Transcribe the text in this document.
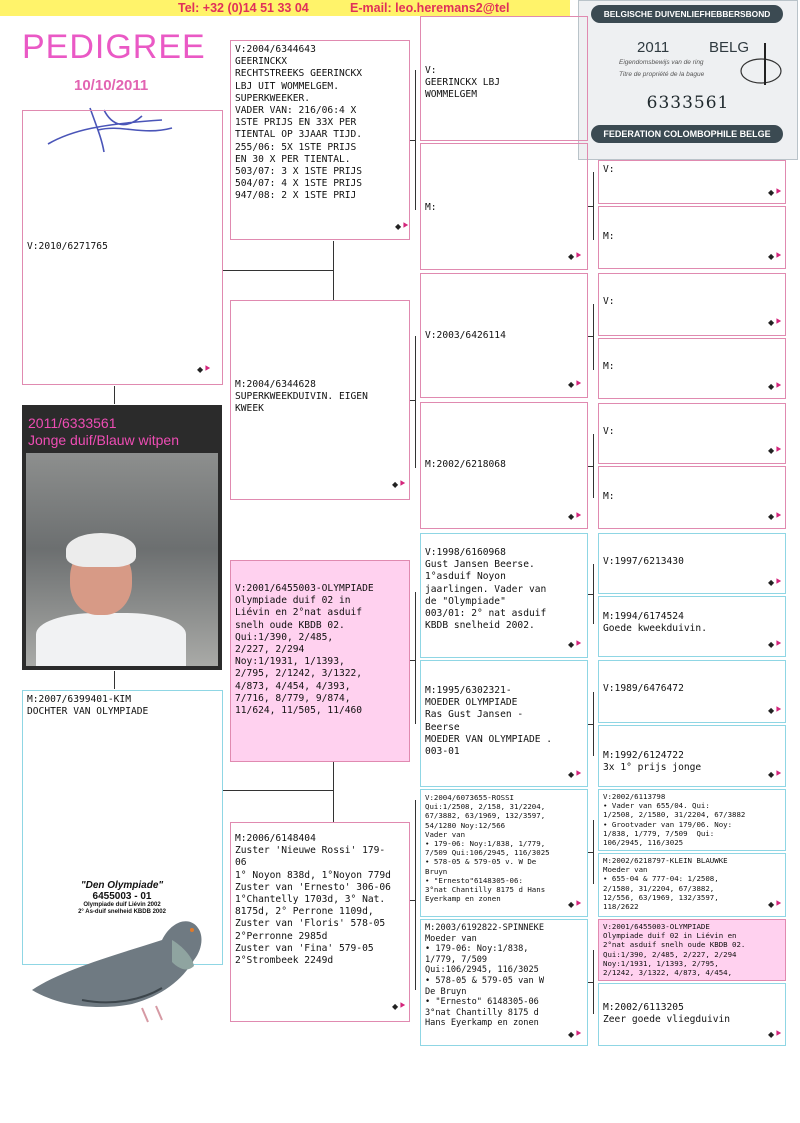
Tel: +32 (0)14 51 33 04	E-mail: leo.heremans2@tel	BELGISCHE DUIVENLIEFHEBBERSBOND
2011	BELG
Eigendomsbewijs van de ring
Titre de propriété de la bague
6333561
FEDERATION COLOMBOPHILE BELGE
PEDIGREE
10/10/2011
V:2010/6271765
M:2007/6399401-KIM
DOCHTER VAN OLYMPIADE
2011/6333561
Jonge duif/Blauw witpen
"Den Olympiade"
6455003 - 01
Olympiade duif Liévin 2002
2° As-duif snelheid KBDB 2002
V:2004/6344643
GEERINCKX
RECHTSTREEKS GEERINCKX
LBJ UIT WOMMELGEM.
SUPERKWEEKER.
VADER VAN: 216/06:4 X
1STE PRIJS EN 33X PER
TIENTAL OP 3JAAR TIJD.
255/06: 5X 1STE PRIJS
EN 30 X PER TIENTAL.
503/07: 3 X 1STE PRIJS
504/07: 4 X 1STE PRIJS
947/08: 2 X 1STE PRIJ
M:2004/6344628
SUPERKWEEKDUIVIN. EIGEN
KWEEK
V:2001/6455003-OLYMPIADE
Olympiade duif 02 in
Liévin en 2°nat asduif
snelh oude KBDB 02.
Qui:1/390, 2/485,
2/227, 2/294
Noy:1/1931, 1/1393,
2/795, 2/1242, 3/1322,
4/873, 4/454, 4/393,
7/716, 8/779, 9/874,
11/624, 11/505, 11/460
M:2006/6148404
Zuster 'Nieuwe Rossi' 179-
06
1° Noyon 838d, 1°Noyon 779d
Zuster van 'Ernesto' 306-06
1°Chantelly 1703d, 3° Nat.
8175d, 2° Perrone 1109d,
Zuster van 'Floris' 578-05
2°Perronne 2985d
Zuster van 'Fina' 579-05
2°Strombeek 2249d
V:
GEERINCKX LBJ
WOMMELGEM
M:
V:2003/6426114
M:2002/6218068
V:1998/6160968
Gust Jansen Beerse.
1°asduif Noyon
jaarlingen. Vader van
de "Olympiade"
003/01: 2° nat asduif
KBDB snelheid 2002.
M:1995/6302321-
MOEDER OLYMPIADE
Ras Gust Jansen -
Beerse
MOEDER VAN OLYMPIADE .
003-01
V:2004/6073655-ROSSI
Qui:1/2508, 2/158, 31/2204,
67/3882, 63/1969, 132/3597,
54/1280 Noy:12/566
Vader van
• 179-06: Noy:1/838, 1/779,
7/509 Qui:106/2945, 116/3025
• 578-05 & 579-05 v. W De
Bruyn
• "Ernesto"6148305-06:
3°nat Chantilly 8175 d Hans
Eyerkamp en zonen
M:2003/6192822-SPINNEKE
Moeder van
• 179-06: Noy:1/838,
1/779, 7/509
Qui:106/2945, 116/3025
• 578-05 & 579-05 van W
De Bruyn
• "Ernesto" 6148305-06
3°nat Chantilly 8175 d
Hans Eyerkamp en zonen
V:
M:
V:
M:
V:
M:
V:1997/6213430
M:1994/6174524
Goede kweekduivin.
V:1989/6476472
M:1992/6124722
3x 1° prijs jonge
V:2002/6113798
• Vader van 655/04. Qui:
1/2508, 2/1580, 31/2204, 67/3882
• Grootvader van 179/06. Noy:
1/838, 1/779, 7/509  Qui:
106/2945, 116/3025
M:2002/6218797-KLEIN BLAUWKE
Moeder van
• 655-04 & 777-04: 1/2508,
2/1580, 31/2204, 67/3882,
12/556, 63/1969, 132/3597,
118/2622
V:2001/6455003-OLYMPIADE
Olympiade duif 02 in Liévin en
2°nat asduif snelh oude KBDB 02.
Qui:1/390, 2/485, 2/227, 2/294
Noy:1/1931, 1/1393, 2/795,
2/1242, 3/1322, 4/873, 4/454,
M:2002/6113205
Zeer goede vliegduivin
◆⯈
◆⯈
◆⯈
◆⯈
◆⯈
◆⯈
◆⯈
◆⯈
◆⯈
◆⯈
◆⯈
◆⯈
◆⯈
◆⯈
◆⯈
◆⯈
◆⯈
◆⯈
◆⯈
◆⯈
◆⯈
◆⯈
◆⯈
